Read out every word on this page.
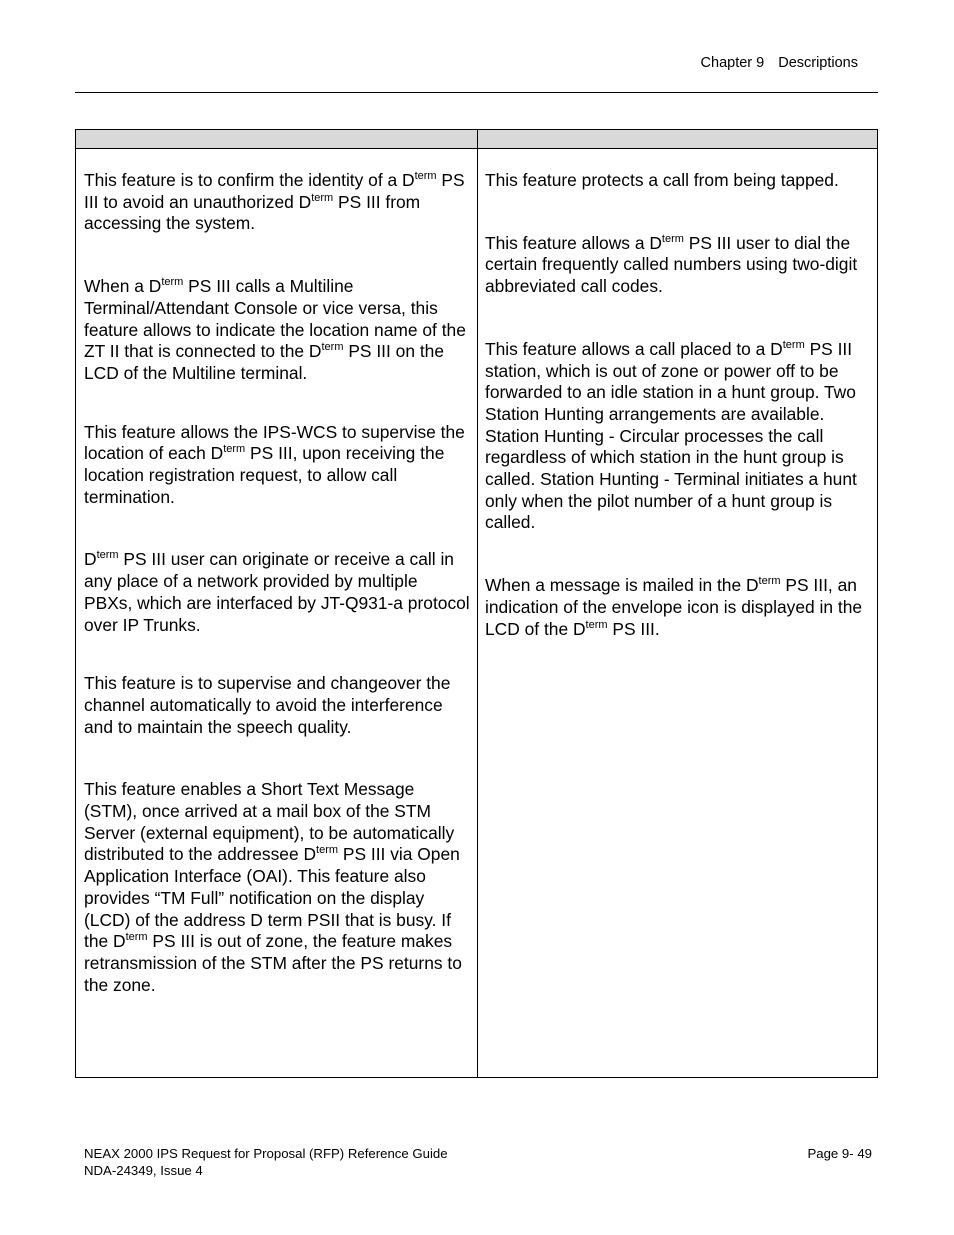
Chapter 9 Descriptions

This feature is to confirm the identity of a $D^{term}$ PS III to avoid an unauthorized $D^{term}$ PS III from accessing the system.

When a $D^{term}$ PS III calls a Multiline Terminal/Attendant Console or vice versa, this feature allows to indicate the location name of the ZT II that is connected to the $D^{term}$ PS III on the LCD of the Multiline terminal.

This feature allows the IPS-WCS to supervise the location of each $D^{term}$ PS III, upon receiving the location registration request, to allow call termination.

$D^{term}$ PS III user can originate or receive a call in any place of a network provided by multiple PBXs, which are interfaced by JT-Q931-a protocol over IP Trunks.

This feature is to supervise and changeover the channel automatically to avoid the interference and to maintain the speech quality.

This feature enables a Short Text Message (STM), once arrived at a mail box of the STM Server (external equipment), to be automatically distributed to the addressee $D^{term}$ PS III via Open Application Interface (OAI). This feature also provides “TM Full” notification on the display (LCD) of the address D term PSII that is busy. If the $D^{term}$ PS III is out of zone, the feature makes retransmission of the STM after the PS returns to the zone.

This feature protects a call from being tapped.

This feature allows a $D^{term}$ PS III user to dial the certain frequently called numbers using two-digit abbreviated call codes.

This feature allows a call placed to a $D^{term}$ PS III station, which is out of zone or power off to be forwarded to an idle station in a hunt group. Two Station Hunting arrangements are available. Station Hunting - Circular processes the call regardless of which station in the hunt group is called. Station Hunting - Terminal initiates a hunt only when the pilot number of a hunt group is called.

When a message is mailed in the $D^{term}$ PS III, an indication of the envelope icon is displayed in the LCD of the $D^{term}$ PS III.

NEAX 2000 IPS Request for Proposal (RFP) Reference Guide
NDA-24349, Issue 4
Page 9- 49
